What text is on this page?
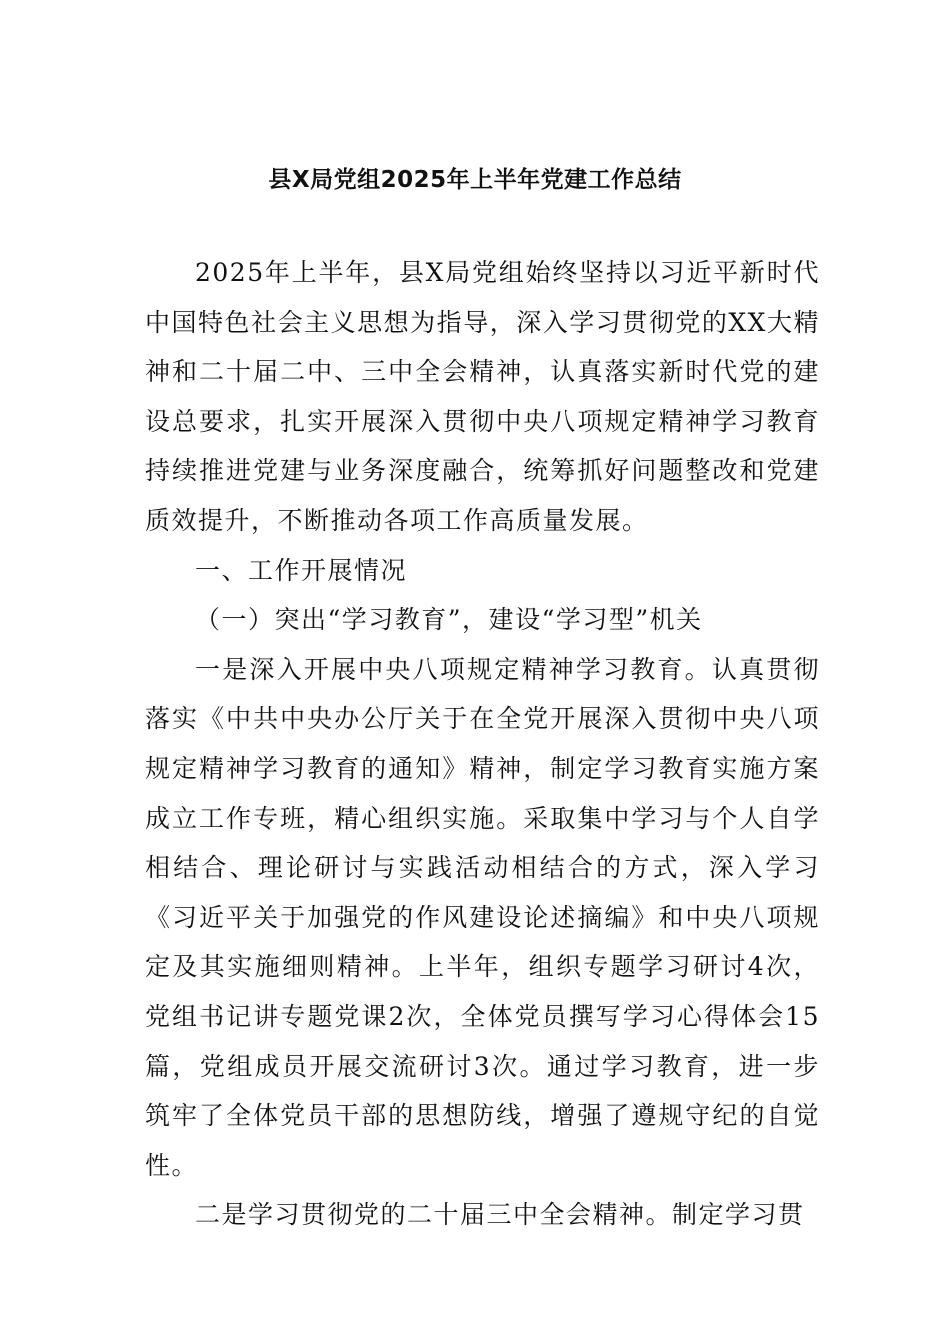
县X局党组2025年上半年党建工作总结

2025年上半年，县X局党组始终坚持以习近平新时代中国特色社会主义思想为指导，深入学习贯彻党的XX大精神和二十届二中、三中全会精神，认真落实新时代党的建设总要求，扎实开展深入贯彻中央八项规定精神学习教育持续推进党建与业务深度融合，统筹抓好问题整改和党建质效提升，不断推动各项工作高质量发展。

一、工作开展情况

（一）突出“学习教育”，建设“学习型”机关

一是深入开展中央八项规定精神学习教育。认真贯彻落实《中共中央办公厅关于在全党开展深入贯彻中央八项规定精神学习教育的通知》精神，制定学习教育实施方案成立工作专班，精心组织实施。采取集中学习与个人自学相结合、理论研讨与实践活动相结合的方式，深入学习《习近平关于加强党的作风建设论述摘编》和中央八项规定及其实施细则精神。上半年，组织专题学习研讨4次，党组书记讲专题党课2次，全体党员撰写学习心得体会15篇，党组成员开展交流研讨3次。通过学习教育，进一步筑牢了全体党员干部的思想防线，增强了遵规守纪的自觉性。

二是学习贯彻党的二十届三中全会精神。制定学习贯
